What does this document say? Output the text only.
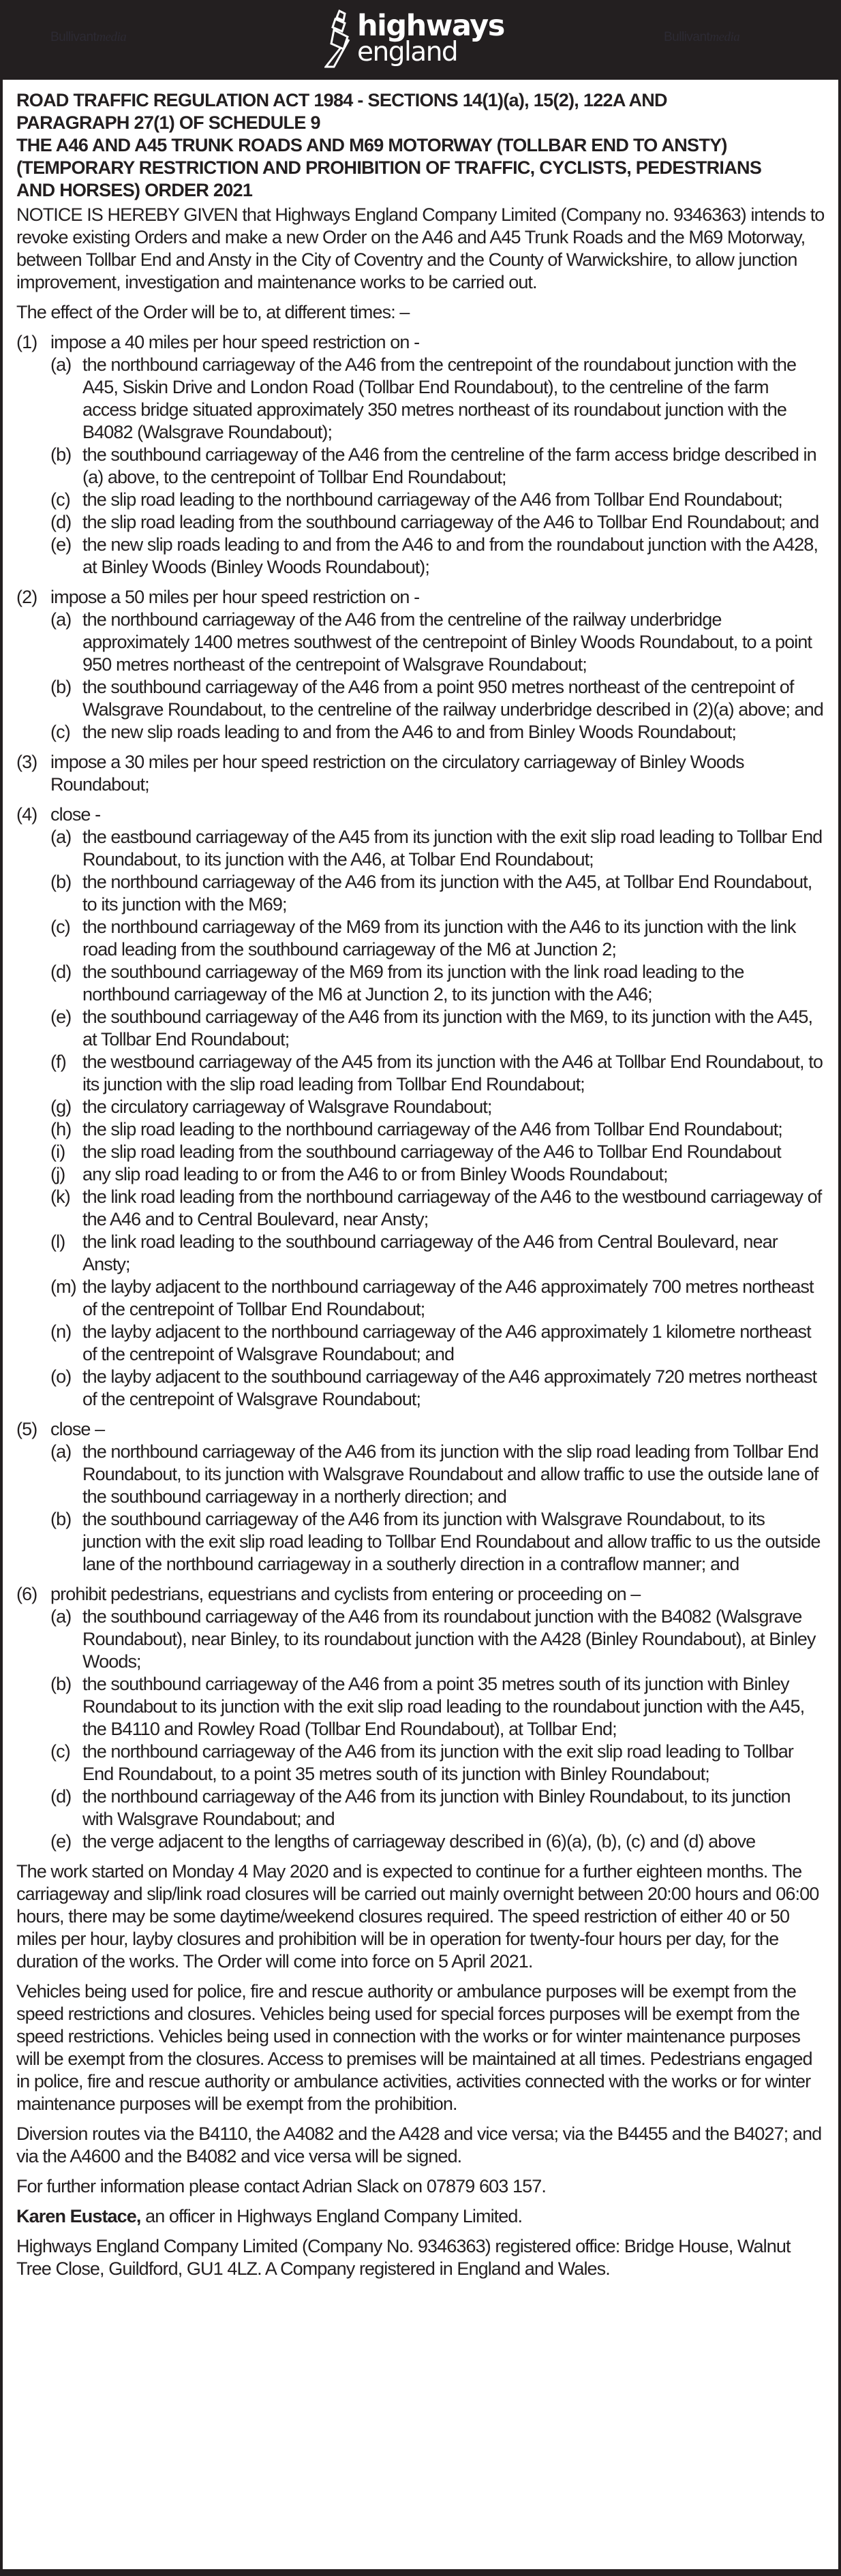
Bullivantmedia	Bullivantmedia
highways
england
ROAD TRAFFIC REGULATION ACT 1984 - SECTIONS 14(1)(a), 15(2), 122A AND
PARAGRAPH 27(1) OF SCHEDULE 9
THE A46 AND A45 TRUNK ROADS AND M69 MOTORWAY (TOLLBAR END TO ANSTY)
(TEMPORARY RESTRICTION AND PROHIBITION OF TRAFFIC, CYCLISTS, PEDESTRIANS
AND HORSES) ORDER 2021

NOTICE IS HEREBY GIVEN that Highways England Company Limited (Company no. 9346363) intends to revoke existing Orders and make a new Order on the A46 and A45 Trunk Roads and the M69 Motorway, between Tollbar End and Ansty in the City of Coventry and the County of Warwickshire, to allow junction improvement, investigation and maintenance works to be carried out.

The effect of the Order will be to, at different times: –

(1) impose a 40 miles per hour speed restriction on -
(a) the northbound carriageway of the A46 from the centrepoint of the roundabout junction with the A45, Siskin Drive and London Road (Tollbar End Roundabout), to the centreline of the farm access bridge situated approximately 350 metres northeast of its roundabout junction with the B4082 (Walsgrave Roundabout);
(b) the southbound carriageway of the A46 from the centreline of the farm access bridge described in (a) above, to the centrepoint of Tollbar End Roundabout;
(c) the slip road leading to the northbound carriageway of the A46 from Tollbar End Roundabout;
(d) the slip road leading from the southbound carriageway of the A46 to Tollbar End Roundabout; and
(e) the new slip roads leading to and from the A46 to and from the roundabout junction with the A428, at Binley Woods (Binley Woods Roundabout);
(2) impose a 50 miles per hour speed restriction on -
(a) the northbound carriageway of the A46 from the centreline of the railway underbridge approximately 1400 metres southwest of the centrepoint of Binley Woods Roundabout, to a point 950 metres northeast of the centrepoint of Walsgrave Roundabout;
(b) the southbound carriageway of the A46 from a point 950 metres northeast of the centrepoint of Walsgrave Roundabout, to the centreline of the railway underbridge described in (2)(a) above; and
(c) the new slip roads leading to and from the A46 to and from Binley Woods Roundabout;
(3) impose a 30 miles per hour speed restriction on the circulatory carriageway of Binley Woods Roundabout;
(4) close -
(a) the eastbound carriageway of the A45 from its junction with the exit slip road leading to Tollbar End Roundabout, to its junction with the A46, at Tolbar End Roundabout;
(b) the northbound carriageway of the A46 from its junction with the A45, at Tollbar End Roundabout, to its junction with the M69;
(c) the northbound carriageway of the M69 from its junction with the A46 to its junction with the link road leading from the southbound carriageway of the M6 at Junction 2;
(d) the southbound carriageway of the M69 from its junction with the link road leading to the northbound carriageway of the M6 at Junction 2, to its junction with the A46;
(e) the southbound carriageway of the A46 from its junction with the M69, to its junction with the A45, at Tollbar End Roundabout;
(f) the westbound carriageway of the A45 from its junction with the A46 at Tollbar End Roundabout, to its junction with the slip road leading from Tollbar End Roundabout;
(g) the circulatory carriageway of Walsgrave Roundabout;
(h) the slip road leading to the northbound carriageway of the A46 from Tollbar End Roundabout;
(i) the slip road leading from the southbound carriageway of the A46 to Tollbar End Roundabout
(j) any slip road leading to or from the A46 to or from Binley Woods Roundabout;
(k) the link road leading from the northbound carriageway of the A46 to the westbound carriageway of the A46 and to Central Boulevard, near Ansty;
(l) the link road leading to the southbound carriageway of the A46 from Central Boulevard, near Ansty;
(m) the layby adjacent to the northbound carriageway of the A46 approximately 700 metres northeast of the centrepoint of Tollbar End Roundabout;
(n) the layby adjacent to the northbound carriageway of the A46 approximately 1 kilometre northeast of the centrepoint of Walsgrave Roundabout; and
(o) the layby adjacent to the southbound carriageway of the A46 approximately 720 metres northeast of the centrepoint of Walsgrave Roundabout;
(5) close –
(a) the northbound carriageway of the A46 from its junction with the slip road leading from Tollbar End Roundabout, to its junction with Walsgrave Roundabout and allow traffic to use the outside lane of the southbound carriageway in a northerly direction; and
(b) the southbound carriageway of the A46 from its junction with Walsgrave Roundabout, to its junction with the exit slip road leading to Tollbar End Roundabout and allow traffic to us the outside lane of the northbound carriageway in a southerly direction in a contraflow manner; and
(6) prohibit pedestrians, equestrians and cyclists from entering or proceeding on –
(a) the southbound carriageway of the A46 from its roundabout junction with the B4082 (Walsgrave Roundabout), near Binley, to its roundabout junction with the A428 (Binley Roundabout), at Binley Woods;
(b) the southbound carriageway of the A46 from a point 35 metres south of its junction with Binley Roundabout to its junction with the exit slip road leading to the roundabout junction with the A45, the B4110 and Rowley Road (Tollbar End Roundabout), at Tollbar End;
(c) the northbound carriageway of the A46 from its junction with the exit slip road leading to Tollbar End Roundabout, to a point 35 metres south of its junction with Binley Roundabout;
(d) the northbound carriageway of the A46 from its junction with Binley Roundabout, to its junction with Walsgrave Roundabout; and
(e) the verge adjacent to the lengths of carriageway described in (6)(a), (b), (c) and (d) above

The work started on Monday 4 May 2020 and is expected to continue for a further eighteen months. The carriageway and slip/link road closures will be carried out mainly overnight between 20:00 hours and 06:00 hours, there may be some daytime/weekend closures required. The speed restriction of either 40 or 50 miles per hour, layby closures and prohibition will be in operation for twenty-four hours per day, for the duration of the works. The Order will come into force on 5 April 2021.

Vehicles being used for police, fire and rescue authority or ambulance purposes will be exempt from the speed restrictions and closures. Vehicles being used for special forces purposes will be exempt from the speed restrictions. Vehicles being used in connection with the works or for winter maintenance purposes will be exempt from the closures. Access to premises will be maintained at all times. Pedestrians engaged in police, fire and rescue authority or ambulance activities, activities connected with the works or for winter maintenance purposes will be exempt from the prohibition.

Diversion routes via the B4110, the A4082 and the A428 and vice versa; via the B4455 and the B4027; and via the A4600 and the B4082 and vice versa will be signed.

For further information please contact Adrian Slack on 07879 603 157.

Karen Eustace, an officer in Highways England Company Limited.

Highways England Company Limited (Company No. 9346363) registered office: Bridge House, Walnut Tree Close, Guildford, GU1 4LZ. A Company registered in England and Wales.
